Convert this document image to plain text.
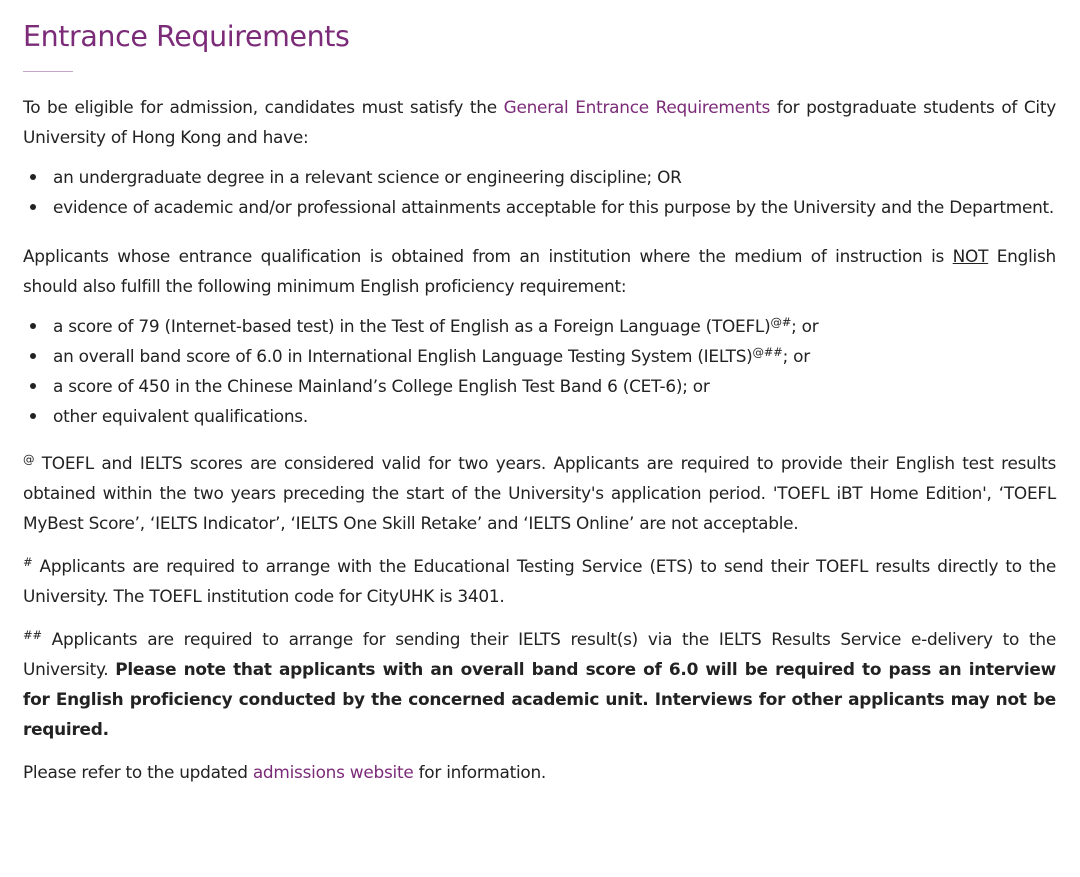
Entrance Requirements

To be eligible for admission, candidates must satisfy the General Entrance Requirements for postgraduate students of City University of Hong Kong and have:

an undergraduate degree in a relevant science or engineering discipline; OR
evidence of academic and/or professional attainments acceptable for this purpose by the University and the Department.

Applicants whose entrance qualification is obtained from an institution where the medium of instruction is NOT English should also fulfill the following minimum English proficiency requirement:

a score of 79 (Internet-based test) in the Test of English as a Foreign Language (TOEFL)@#; or
an overall band score of 6.0 in International English Language Testing System (IELTS)@##; or
a score of 450 in the Chinese Mainland’s College English Test Band 6 (CET-6); or
other equivalent qualifications.

@ TOEFL and IELTS scores are considered valid for two years. Applicants are required to provide their English test results obtained within the two years preceding the start of the University's application period. 'TOEFL iBT Home Edition', ‘TOEFL MyBest Score’, ‘IELTS Indicator’, ‘IELTS One Skill Retake’ and ‘IELTS Online’ are not acceptable.

# Applicants are required to arrange with the Educational Testing Service (ETS) to send their TOEFL results directly to the University. The TOEFL institution code for CityUHK is 3401.

## Applicants are required to arrange for sending their IELTS result(s) via the IELTS Results Service e-delivery to the University. Please note that applicants with an overall band score of 6.0 will be required to pass an interview for English proficiency conducted by the concerned academic unit. Interviews for other applicants may not be required.

Please refer to the updated admissions website for information.
